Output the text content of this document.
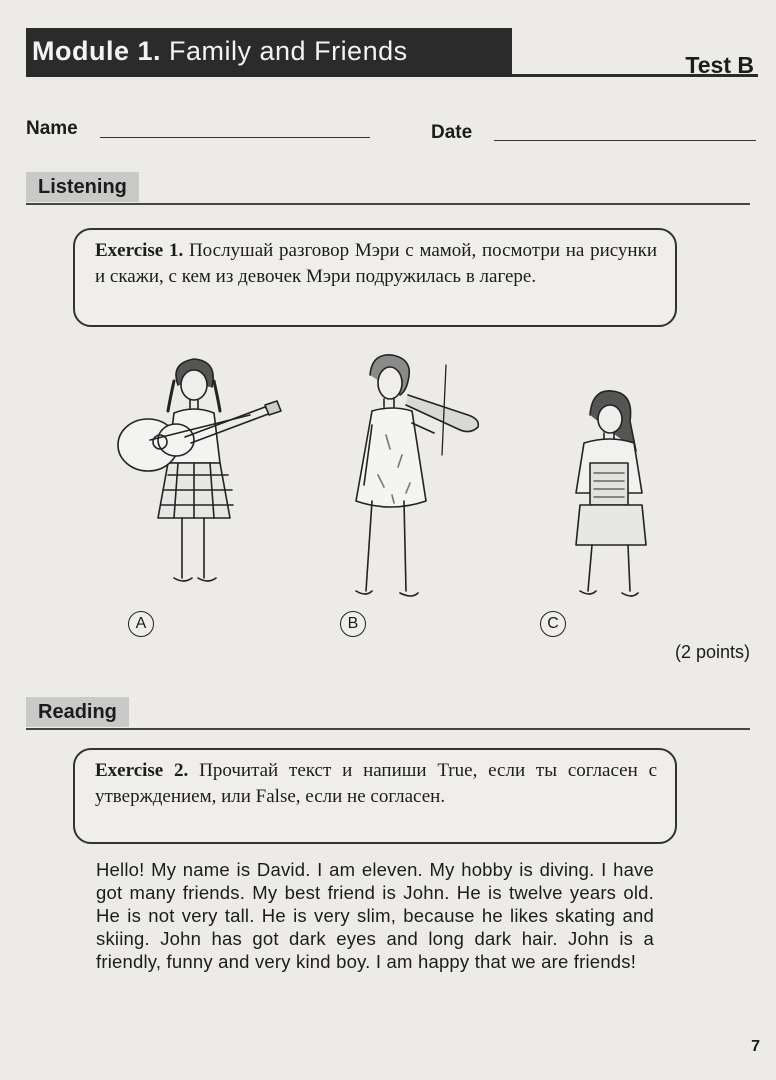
Module 1. Family and Friends	Test B
Name	Date
Listening
Exercise 1. Послушай разговор Мэри с мамой, посмотри на рисунки и скажи, с кем из девочек Мэри подружилась в лагере.
A	B	C
(2 points)
Reading
Exercise 2. Прочитай текст и напиши True, если ты согласен с утверждением, или False, если не согласен.
Hello! My name is David. I am eleven. My hobby is diving. I have got many friends. My best friend is John. He is twelve years old. He is not very tall. He is very slim, because he likes skating and skiing. John has got dark eyes and long dark hair. John is a friendly, funny and very kind boy. I am happy that we are friends!
7
